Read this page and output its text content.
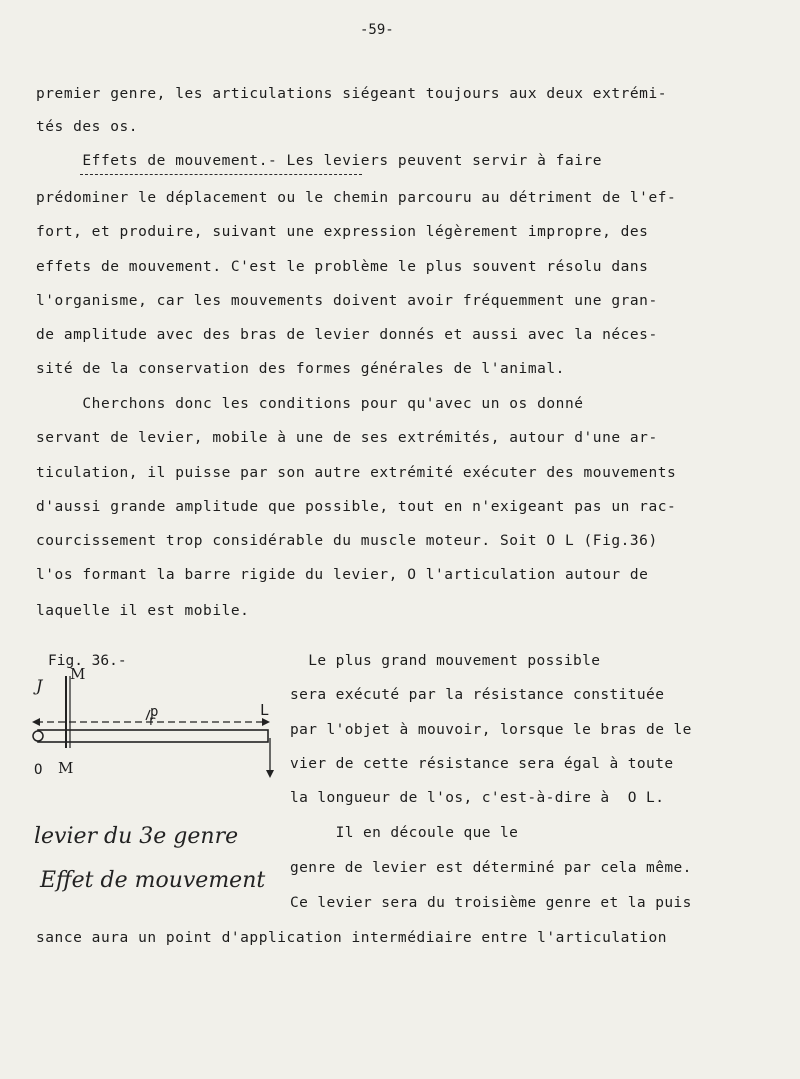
-59-
premier genre, les articulations siégeant toujours aux deux extrémi-
tés des os.
Effets de mouvement.- Les leviers peuvent servir à faire
prédominer le déplacement ou le chemin parcouru au détriment de l'ef-
fort, et produire, suivant une expression légèrement impropre, des
effets de mouvement. C'est le problème le plus souvent résolu dans
l'organisme, car les mouvements doivent avoir fréquemment une gran-
de amplitude avec des bras de levier donnés et aussi avec la néces-
sité de la conservation des formes générales de l'animal.
Cherchons donc les conditions pour qu'avec un os donné
servant de levier, mobile à une de ses extrémités, autour d'une ar-
ticulation, il puisse par son autre extrémité exécuter des mouvements
d'aussi grande amplitude que possible, tout en n'exigeant pas un rac-
courcissement trop considérable du muscle moteur. Soit O L (Fig.36)
l'os formant la barre rigide du levier, O l'articulation autour de
laquelle il est mobile.
Fig. 36.-
M
J
p	L
r
O M
Le plus grand mouvement possible
sera exécuté par la résistance constituée
par l'objet à mouvoir, lorsque le bras de le
vier de cette résistance sera égal à toute
la longueur de l'os, c'est-à-dire à  O L.
Il en découle que le
genre de levier est déterminé par cela même.
Ce levier sera du troisième genre et la puis
levier du 3e genre
Effet de mouvement
sance aura un point d'application intermédiaire entre l'articulation
